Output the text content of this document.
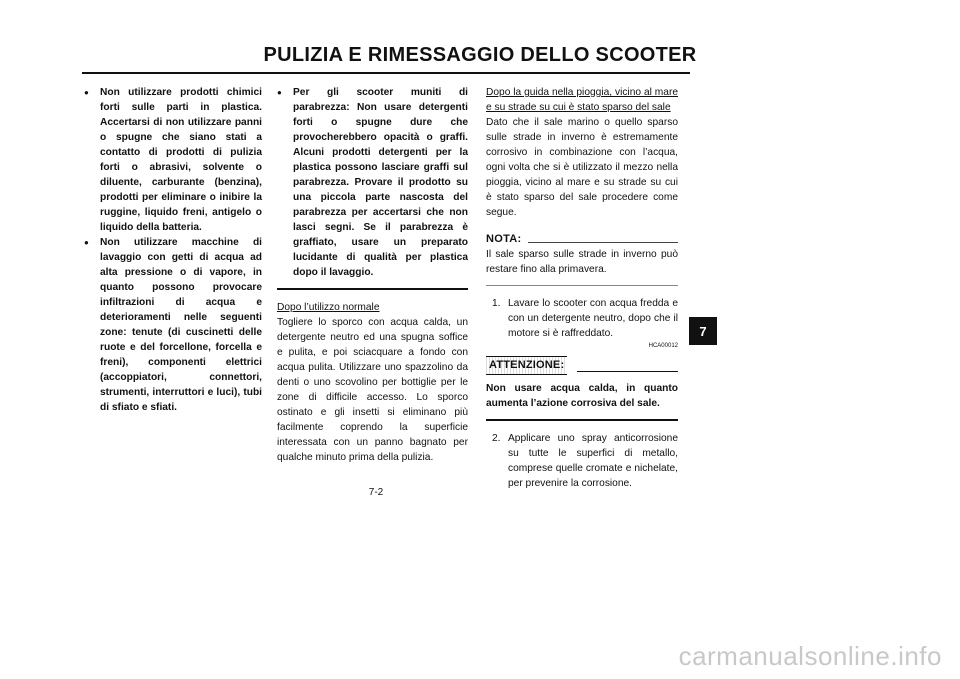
PULIZIA E RIMESSAGGIO DELLO SCOOTER

● Non utilizzare prodotti chimici forti sulle parti in plastica. Accertarsi di non utilizzare panni o spugne che siano stati a contatto di prodotti di pulizia forti o abrasivi, solvente o diluente, carburante (benzina), prodotti per eliminare o inibire la ruggine, liquido freni, antigelo o liquido della batteria.

● Non utilizzare macchine di lavaggio con getti di acqua ad alta pressione o di vapore, in quanto possono provocare infiltrazioni di acqua e deterioramenti nelle seguenti zone: tenute (di cuscinetti delle ruote e del forcellone, forcella e freni), componenti elettrici (accoppiatori, connettori, strumenti, interruttori e luci), tubi di sfiato e sfiati.

● Per gli scooter muniti di parabrezza: Non usare detergenti forti o spugne dure che provocherebbero opacità o graffi. Alcuni prodotti detergenti per la plastica possono lasciare graffi sul parabrezza. Provare il prodotto su una piccola parte nascosta del parabrezza per accertarsi che non lasci segni. Se il parabrezza è graffiato, usare un preparato lucidante di qualità per plastica dopo il lavaggio.

Dopo l’utilizzo normale

Togliere lo sporco con acqua calda, un detergente neutro ed una spugna soffice e pulita, e poi sciacquare a fondo con acqua pulita. Utilizzare uno spazzolino da denti o uno scovolino per bottiglie per le zone di difficile accesso. Lo sporco ostinato e gli insetti si eliminano più facilmente coprendo la superficie interessata con un panno bagnato per qualche minuto prima della pulizia.

Dopo la guida nella pioggia, vicino al mare e su strade su cui è stato sparso del sale

Dato che il sale marino o quello sparso sulle strade in inverno è estremamente corrosivo in combinazione con l’acqua, ogni volta che si è utilizzato il mezzo nella pioggia, vicino al mare e su strade su cui è stato sparso del sale procedere come segue.

NOTA:

Il sale sparso sulle strade in inverno può restare fino alla primavera.

1. Lavare lo scooter con acqua fredda e con un detergente neutro, dopo che il motore si è raffreddato.

HCA00012
ATTENZIONE:

Non usare acqua calda, in quanto aumenta l’azione corrosiva del sale.

2. Applicare uno spray anticorrosione su tutte le superfici di metallo, comprese quelle cromate e nichelate, per prevenire la corrosione.

7
7-2
carmanualsonline.info
